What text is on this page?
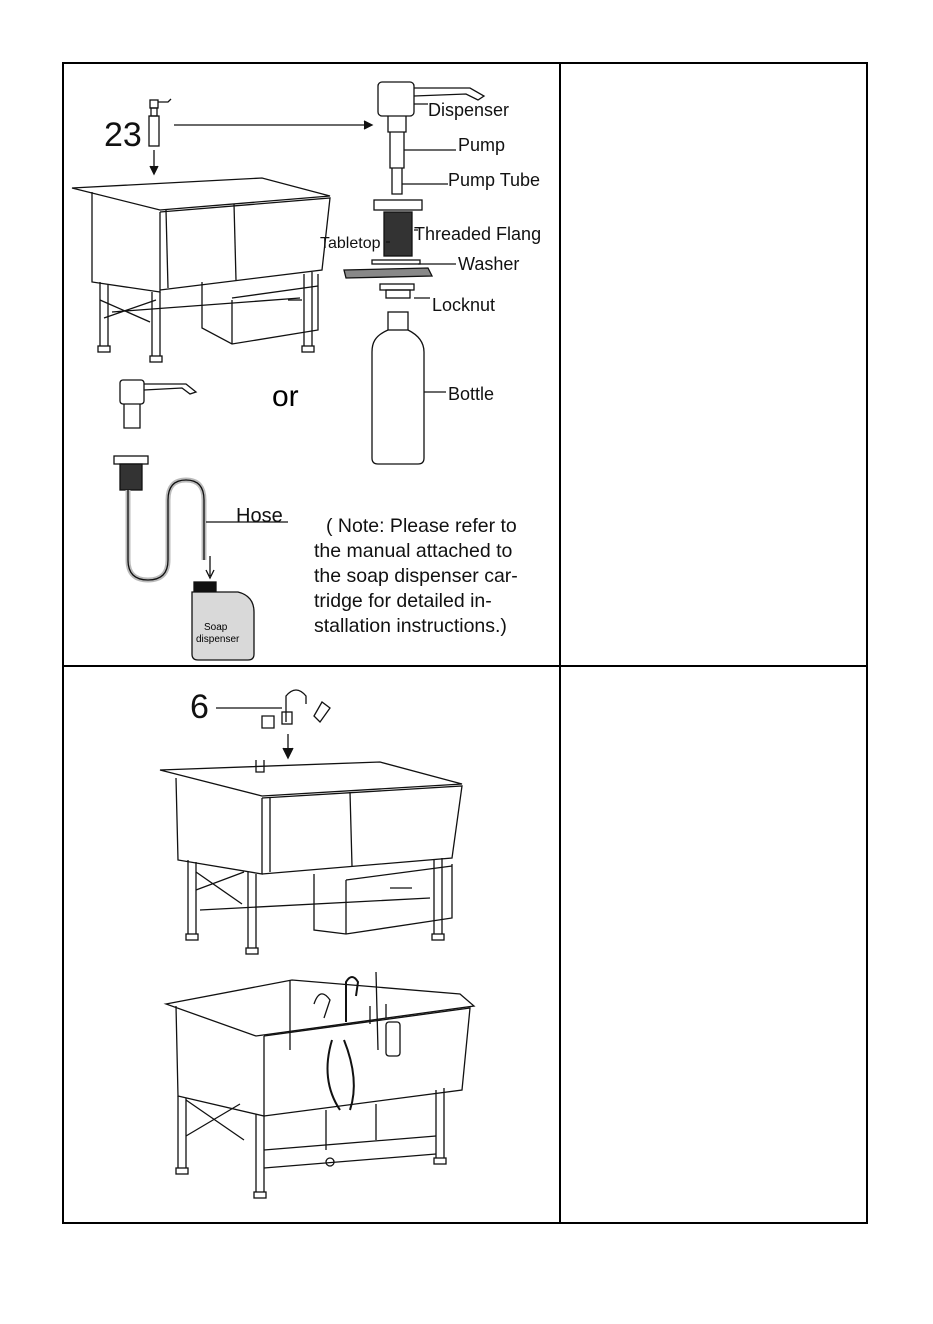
23
Dispenser
Pump
Pump Tube
Threaded Flang
Tabletop
Washer
Locknut
Bottle
or
Hose
Soap
dispenser
( Note: Please refer to
the manual attached to
the soap dispenser car-
tridge for detailed in-
stallation instructions.)
6
